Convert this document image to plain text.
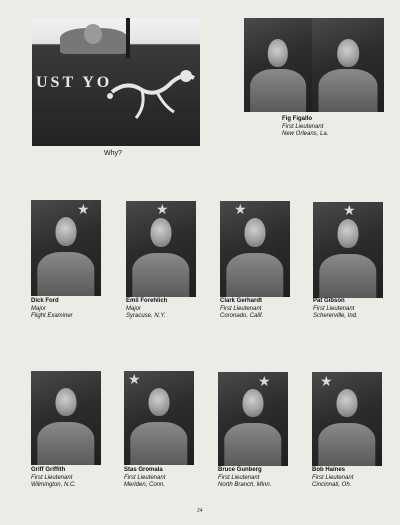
UST YO
Why?
Fig Figallo
First Lieutenant
New Orleans, La.
★	★	★	★
Dick Ford
Major
Flight Examiner
Emil Forehlich
Major
Syracuse, N.Y.
Clark Gerhardt
First Lieutenant
Coronado, Calif.
Pat Gibson
First Lieutenant
Schererville, Ind.
★	★	★
Griff Griffith
First Lieutenant
Wilmington, N.C.
Stas Gromala
First Lieutenant
Meriden, Conn.
Bruce Gunberg
First Lieutenant
North Branch, Minn.
Bob Haines
First Lieutenant
Cincinnati, Oh.
24
